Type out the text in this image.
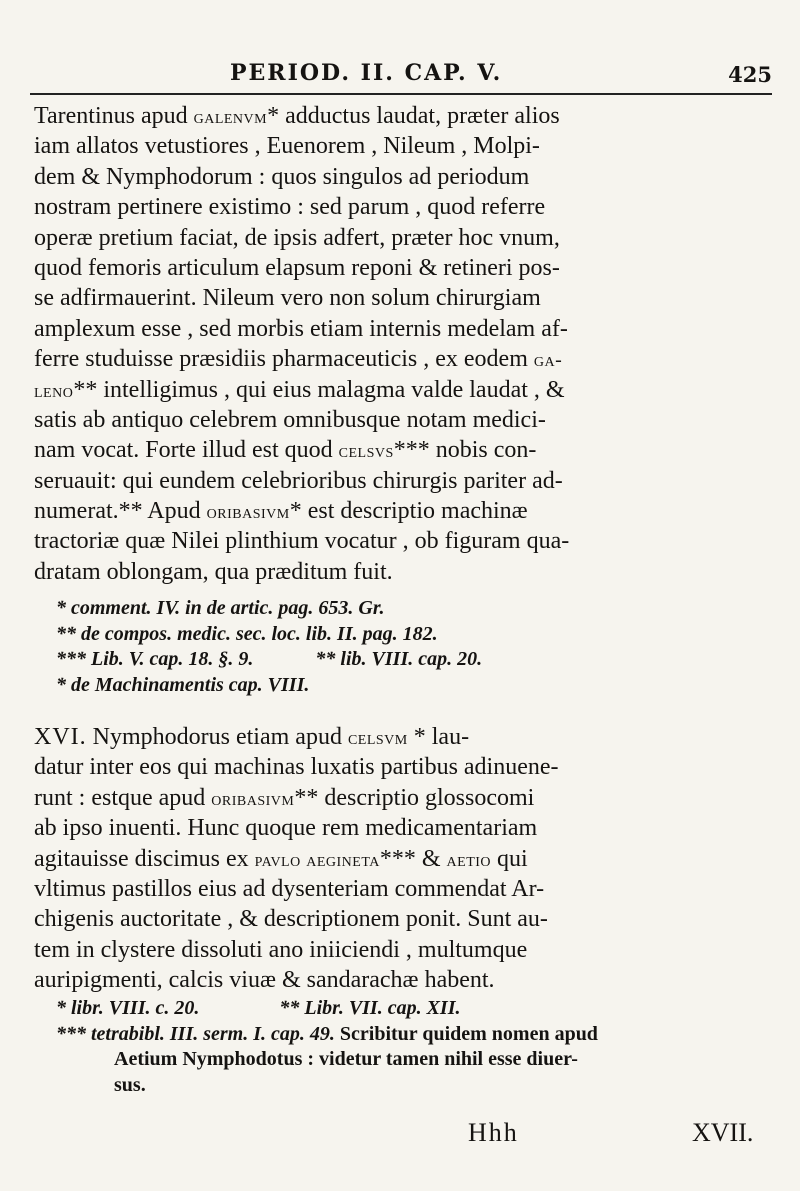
PERIOD. II. CAP. V.	425
Tarentinus apud galenvm* adductus laudat, præter alios
iam allatos vetustiores , Euenorem , Nileum , Molpi-
dem & Nymphodorum : quos singulos ad periodum
nostram pertinere existimo : sed parum , quod referre
operæ pretium faciat, de ipsis adfert, præter hoc vnum,
quod femoris articulum elapsum reponi & retineri pos-
se adfirmauerint. Nileum vero non solum chirurgiam
amplexum esse , sed morbis etiam internis medelam af-
ferre studuisse præsidiis pharmaceuticis , ex eodem ga-
leno** intelligimus , qui eius malagma valde laudat , &
satis ab antiquo celebrem omnibusque notam medici-
nam vocat. Forte illud est quod celsvs*** nobis con-
seruauit: qui eundem celebrioribus chirurgis pariter ad-
numerat.** Apud oribasivm* est descriptio machinæ
tractoriæ quæ Nilei plinthium vocatur , ob figuram qua-
dratam oblongam, qua præditum fuit.
* comment. IV. in de artic. pag. 653. Gr.
** de compos. medic. sec. loc. lib. II. pag. 182.
*** Lib. V. cap. 18. §. 9.	** lib. VIII. cap. 20.
* de Machinamentis cap. VIII.
XVI. Nymphodorus etiam apud celsvm * lau-
datur inter eos qui machinas luxatis partibus adinuene-
runt : estque apud oribasivm** descriptio glossocomi
ab ipso inuenti. Hunc quoque rem medicamentariam
agitauisse discimus ex pavlo aegineta*** & aetio qui
vltimus pastillos eius ad dysenteriam commendat Ar-
chigenis auctoritate , & descriptionem ponit. Sunt au-
tem in clystere dissoluti ano iniiciendi , multumque
auripigmenti, calcis viuæ & sandarachæ habent.
* libr. VIII. c. 20.	** Libr. VII. cap. XII.
*** tetrabibl. III. serm. I. cap. 49. Scribitur quidem nomen apud
Aetium Nymphodotus : videtur tamen nihil esse diuer-
sus.
Hhh	XVII.
